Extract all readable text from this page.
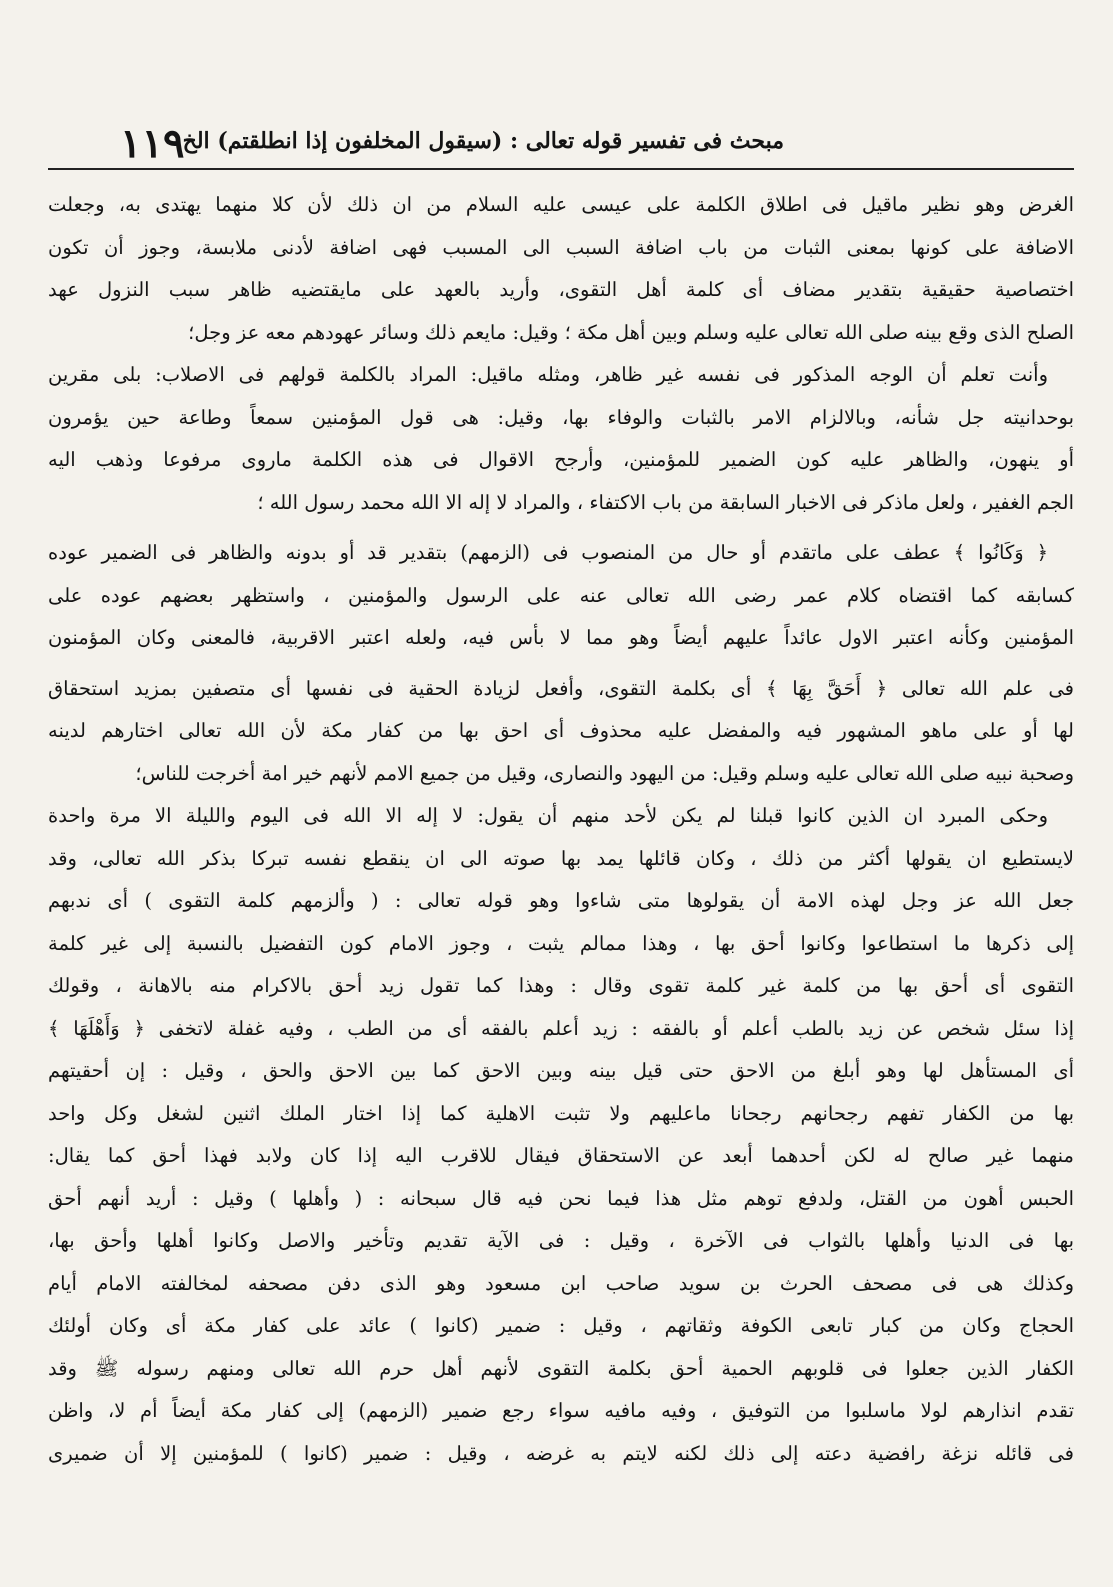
١١٩
مبحث فى تفسير قوله تعالى : (سيقول المخلفون إذا انطلقتم) الخ
الغرض وهو نظير ماقيل فى اطلاق الكلمة على عيسى عليه السلام من ان ذلك لأن كلا منهما يهتدى به، وجعلت
الاضافة على كونها بمعنى الثبات من باب اضافة السبب الى المسبب فهى اضافة لأدنى ملابسة، وجوز أن تكون
اختصاصية حقيقية بتقدير مضاف أى كلمة أهل التقوى، وأريد بالعهد على مايقتضيه ظاهر سبب النزول عهد
الصلح الذى وقع بينه صلى الله تعالى عليه وسلم وبين أهل مكة ؛ وقيل: مايعم ذلك وسائر عهودهم معه عز وجل؛
وأنت تعلم أن الوجه المذكور فى نفسه غير ظاهر، ومثله ماقيل: المراد بالكلمة قولهم فى الاصلاب: بلى مقرين
بوحدانيته جل شأنه، وبالالزام الامر بالثبات والوفاء بها، وقيل: هى قول المؤمنين سمعاً وطاعة حين يؤمرون
أو ينهون، والظاهر عليه كون الضمير للمؤمنين، وأرجح الاقوال فى هذه الكلمة ماروى مرفوعا وذهب اليه
الجم الغفير ، ولعل ماذكر فى الاخبار السابقة من باب الاكتفاء ، والمراد لا إله الا الله محمد رسول الله ؛
﴿ وَكَانُوا ﴾ عطف على ماتقدم أو حال من المنصوب فى (الزمهم) بتقدير قد أو بدونه والظاهر فى الضمير عوده
كسابقه كما اقتضاه كلام عمر رضى الله تعالى عنه على الرسول والمؤمنين ، واستظهر بعضهم عوده على
المؤمنين وكأنه اعتبر الاول عائداً عليهم أيضاً وهو مما لا بأس فيه، ولعله اعتبر الاقربية، فالمعنى وكان المؤمنون
فى علم الله تعالى ﴿ أَحَقَّ بِهَا ﴾ أى بكلمة التقوى، وأفعل لزيادة الحقية فى نفسها أى متصفين بمزيد استحقاق
لها أو على ماهو المشهور فيه والمفضل عليه محذوف أى احق بها من كفار مكة لأن الله تعالى اختارهم لدينه
وصحبة نبيه صلى الله تعالى عليه وسلم وقيل: من اليهود والنصارى، وقيل من جميع الامم لأنهم خير امة أخرجت للناس؛
وحكى المبرد ان الذين كانوا قبلنا لم يكن لأحد منهم أن يقول: لا إله الا الله فى اليوم والليلة الا مرة واحدة
لايستطيع ان يقولها أكثر من ذلك ، وكان قائلها يمد بها صوته الى ان ينقطع نفسه تبركا بذكر الله تعالى، وقد
جعل الله عز وجل لهذه الامة أن يقولوها متى شاءوا وهو قوله تعالى : ( وألزمهم كلمة التقوى ) أى ندبهم
إلى ذكرها ما استطاعوا وكانوا أحق بها ، وهذا ممالم يثبت ، وجوز الامام كون التفضيل بالنسبة إلى غير كلمة
التقوى أى أحق بها من كلمة غير كلمة تقوى وقال : وهذا كما تقول زيد أحق بالاكرام منه بالاهانة ، وقولك
إذا سئل شخص عن زيد بالطب أعلم أو بالفقه : زيد أعلم بالفقه أى من الطب ، وفيه غفلة لاتخفى ﴿ وَأَهْلَهَا ﴾
أى المستأهل لها وهو أبلغ من الاحق حتى قيل بينه وبين الاحق كما بين الاحق والحق ، وقيل : إن أحقيتهم
بها من الكفار تفهم رجحانهم رجحانا ماعليهم ولا تثبت الاهلية كما إذا اختار الملك اثنين لشغل وكل واحد
منهما غير صالح له لكن أحدهما أبعد عن الاستحقاق فيقال للاقرب اليه إذا كان ولابد فهذا أحق كما يقال:
الحبس أهون من القتل، ولدفع توهم مثل هذا فيما نحن فيه قال سبحانه : ( وأهلها ) وقيل : أريد أنهم أحق
بها فى الدنيا وأهلها بالثواب فى الآخرة ، وقيل : فى الآية تقديم وتأخير والاصل وكانوا أهلها وأحق بها،
وكذلك هى فى مصحف الحرث بن سويد صاحب ابن مسعود وهو الذى دفن مصحفه لمخالفته الامام أيام
الحجاج وكان من كبار تابعى الكوفة وثقاتهم ، وقيل : ضمير (كانوا ) عائد على كفار مكة أى وكان أولئك
الكفار الذين جعلوا فى قلوبهم الحمية أحق بكلمة التقوى لأنهم أهل حرم الله تعالى ومنهم رسوله ﷺ وقد
تقدم انذارهم لولا ماسلبوا من التوفيق ، وفيه مافيه سواء رجع ضمير (الزمهم) إلى كفار مكة أيضاً أم لا، واظن
فى قائله نزغة رافضية دعته إلى ذلك لكنه لايتم به غرضه ، وقيل : ضمير (كانوا ) للمؤمنين إلا أن ضميرى
